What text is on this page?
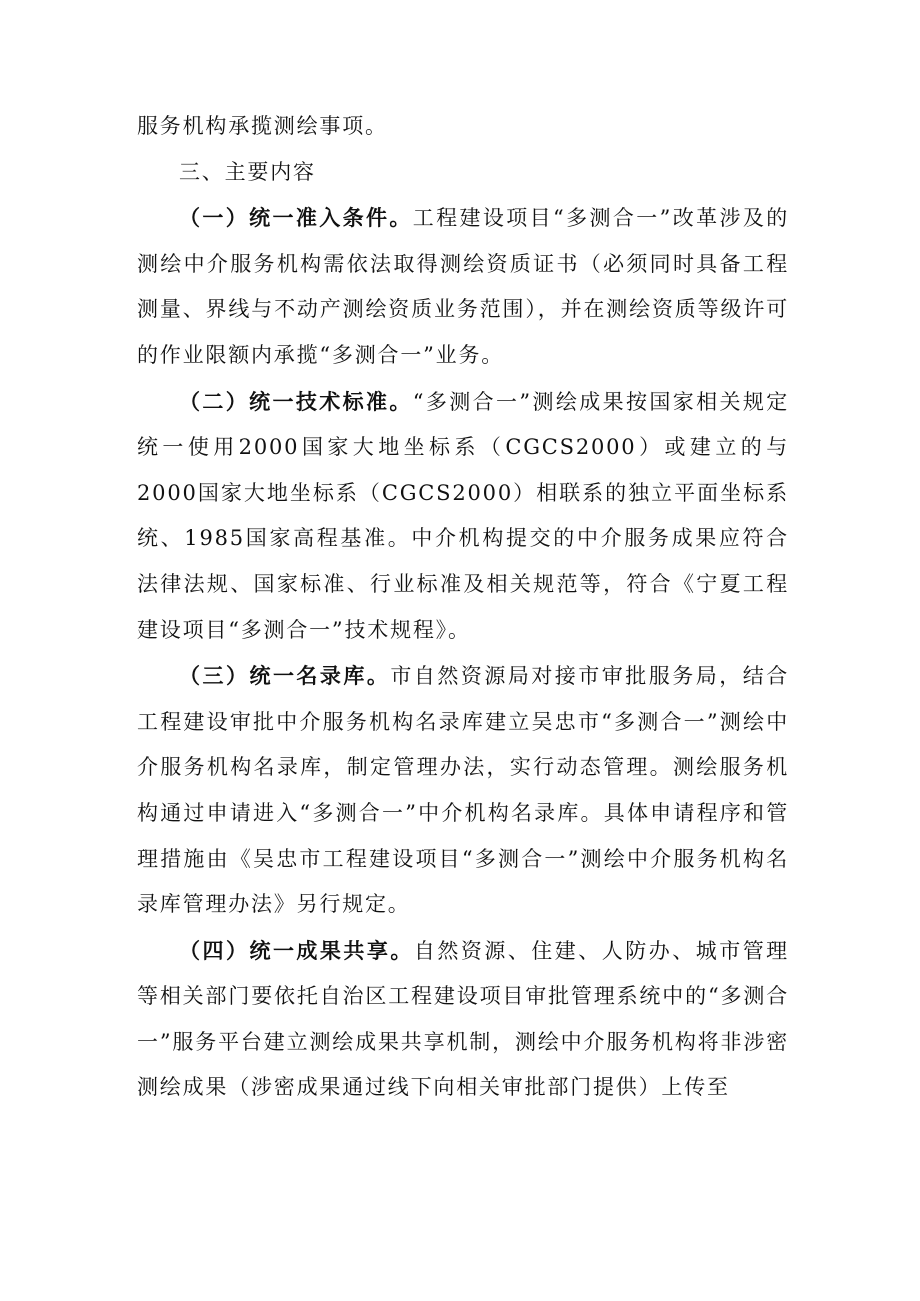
服务机构承揽测绘事项。

三、主要内容

（一）统一准入条件。工程建设项目“多测合一”改革涉及的测绘中介服务机构需依法取得测绘资质证书（必须同时具备工程测量、界线与不动产测绘资质业务范围），并在测绘资质等级许可的作业限额内承揽“多测合一”业务。

（二）统一技术标准。“多测合一”测绘成果按国家相关规定统一使用2000国家大地坐标系（CGCS2000）或建立的与2000国家大地坐标系（CGCS2000）相联系的独立平面坐标系统、1985国家高程基准。中介机构提交的中介服务成果应符合法律法规、国家标准、行业标准及相关规范等，符合《宁夏工程建设项目“多测合一”技术规程》。

（三）统一名录库。市自然资源局对接市审批服务局，结合工程建设审批中介服务机构名录库建立吴忠市“多测合一”测绘中介服务机构名录库，制定管理办法，实行动态管理。测绘服务机构通过申请进入“多测合一”中介机构名录库。具体申请程序和管理措施由《吴忠市工程建设项目“多测合一”测绘中介服务机构名录库管理办法》另行规定。

（四）统一成果共享。自然资源、住建、人防办、城市管理等相关部门要依托自治区工程建设项目审批管理系统中的“多测合一”服务平台建立测绘成果共享机制，测绘中介服务机构将非涉密测绘成果（涉密成果通过线下向相关审批部门提供）上传至
